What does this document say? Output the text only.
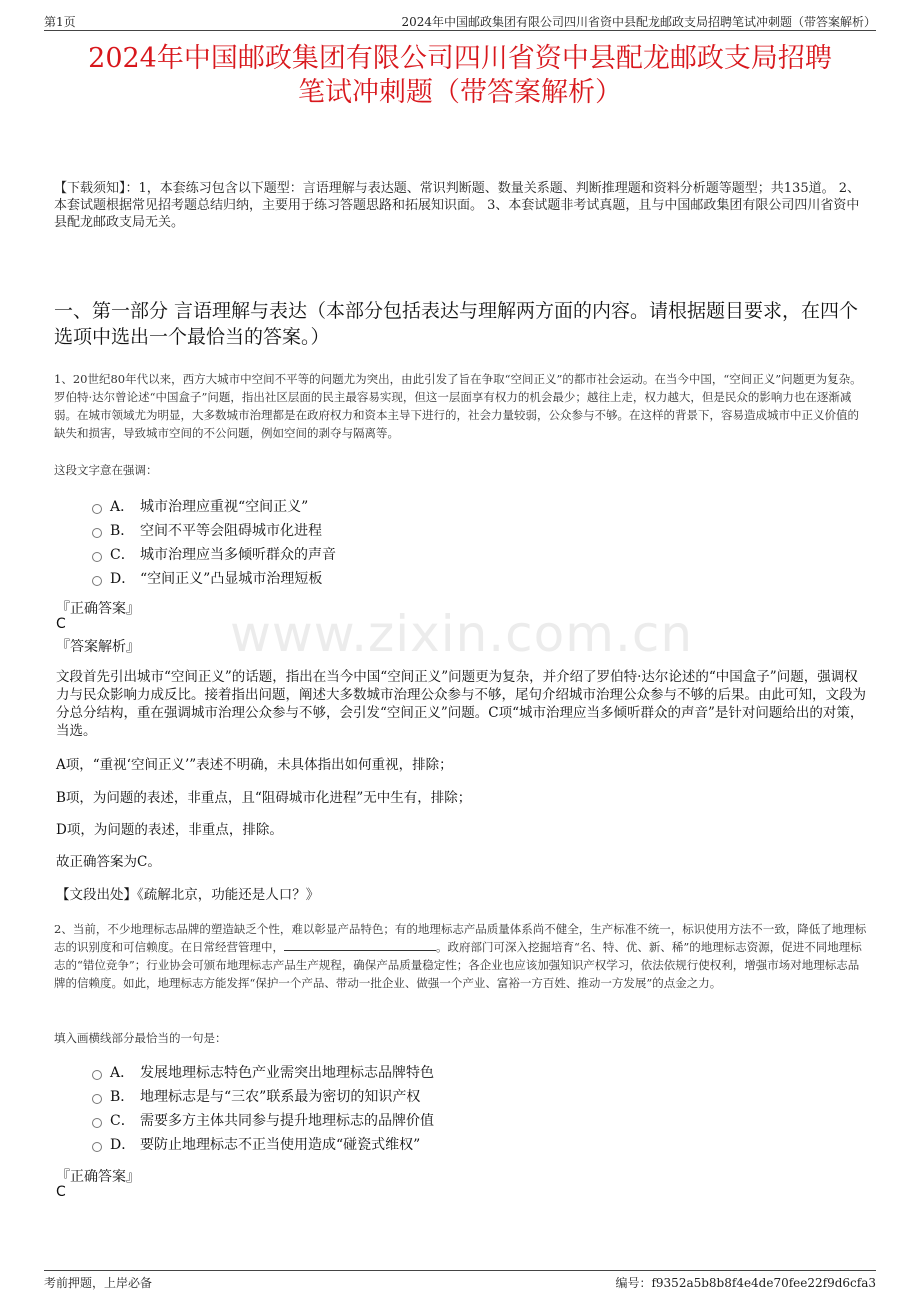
第1页	2024年中国邮政集团有限公司四川省资中县配龙邮政支局招聘笔试冲刺题（带答案解析）
2024年中国邮政集团有限公司四川省资中县配龙邮政支局招聘
笔试冲刺题（带答案解析）
【下载须知】：1，本套练习包含以下题型：言语理解与表达题、常识判断题、数量关系题、判断推理题和资料分析题等题型；共135道。 2、本套试题根据常见招考题总结归纳，主要用于练习答题思路和拓展知识面。 3、本套试题非考试真题，且与中国邮政集团有限公司四川省资中县配龙邮政支局无关。
一、第一部分 言语理解与表达（本部分包括表达与理解两方面的内容。请根据题目要求，在四个选项中选出一个最恰当的答案。）
1、20世纪80年代以来，西方大城市中空间不平等的问题尤为突出，由此引发了旨在争取“空间正义”的都市社会运动。在当今中国，“空间正义”问题更为复杂。罗伯特·达尔曾论述“中国盒子”问题，指出社区层面的民主最容易实现，但这一层面享有权力的机会最少；越往上走，权力越大，但是民众的影响力也在逐渐减弱。在城市领域尤为明显，大多数城市治理都是在政府权力和资本主导下进行的，社会力量较弱，公众参与不够。在这样的背景下，容易造成城市中正义价值的缺失和损害，导致城市空间的不公问题，例如空间的剥夺与隔离等。
这段文字意在强调：
A． 城市治理应重视“空间正义”
B． 空间不平等会阻碍城市化进程
C． 城市治理应当多倾听群众的声音
D． “空间正义”凸显城市治理短板
『正确答案』
C
『答案解析』 www.zixin.com.cn
文段首先引出城市“空间正义”的话题，指出在当今中国“空间正义”问题更为复杂，并介绍了罗伯特·达尔论述的“中国盒子”问题，强调权力与民众影响力成反比。接着指出问题，阐述大多数城市治理公众参与不够，尾句介绍城市治理公众参与不够的后果。由此可知，文段为分总分结构，重在强调城市治理公众参与不够，会引发“空间正义”问题。C项“城市治理应当多倾听群众的声音”是针对问题给出的对策，当选。
A项，“重视‘空间正义’”表述不明确，未具体指出如何重视，排除；
B项，为问题的表述，非重点，且“阻碍城市化进程”无中生有，排除；
D项，为问题的表述，非重点，排除。
故正确答案为C。
【文段出处】《疏解北京，功能还是人口？》
2、当前，不少地理标志品牌的塑造缺乏个性，难以彰显产品特色；有的地理标志产品质量体系尚不健全，生产标准不统一，标识使用方法不一致，降低了地理标志的识别度和可信赖度。在日常经营管理中，	。政府部门可深入挖掘培育“名、特、优、新、稀”的地理标志资源，促进不同地理标志的“错位竞争”；行业协会可颁布地理标志产品生产规程，确保产品质量稳定性；各企业也应该加强知识产权学习，依法依规行使权利，增强市场对地理标志品牌的信赖度。如此，地理标志方能发挥“保护一个产品、带动一批企业、做强一个产业、富裕一方百姓、推动一方发展”的点金之力。
填入画横线部分最恰当的一句是：
A． 发展地理标志特色产业需突出地理标志品牌特色
B． 地理标志是与“三农”联系最为密切的知识产权
C． 需要多方主体共同参与提升地理标志的品牌价值
D． 要防止地理标志不正当使用造成“碰瓷式维权”
『正确答案』
C
考前押题，上岸必备	编号：f9352a5b8b8f4e4de70fee22f9d6cfa3
